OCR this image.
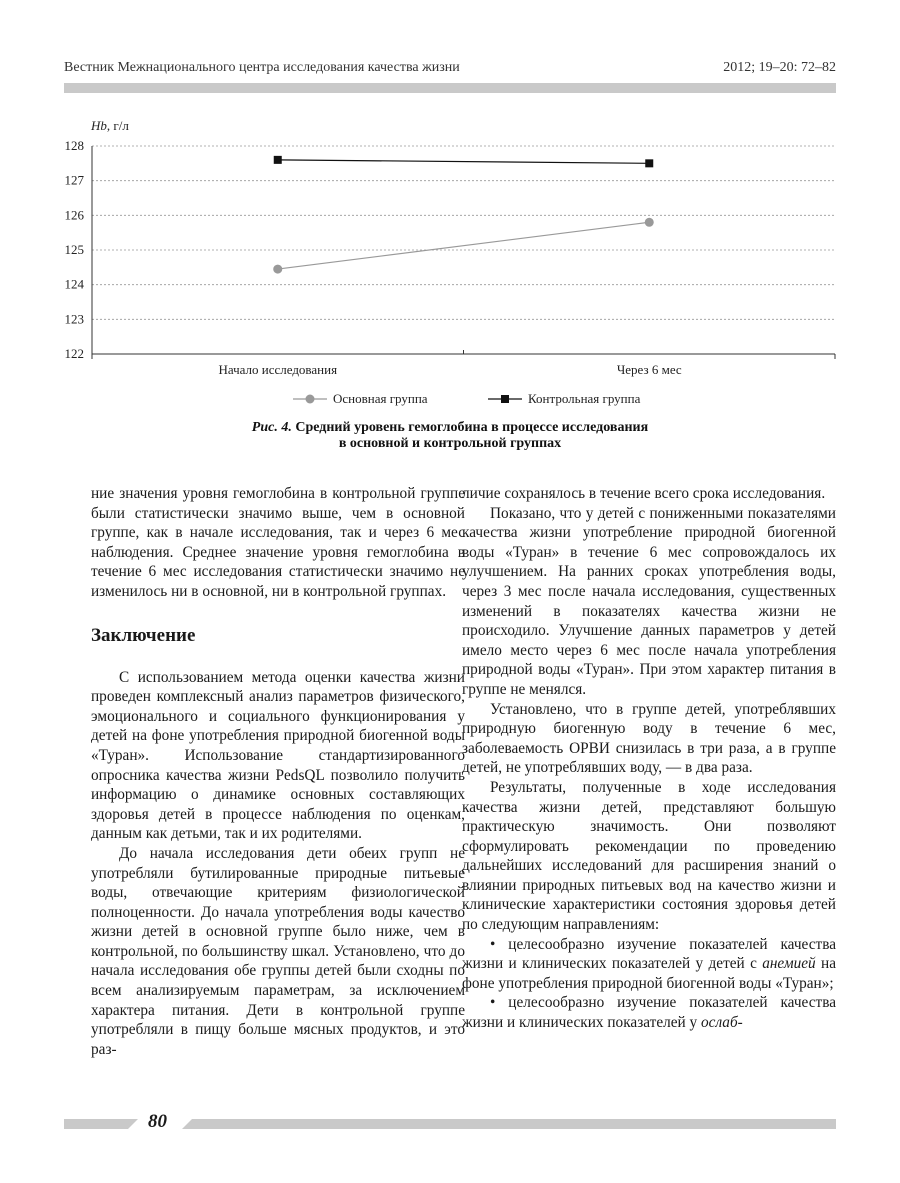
Вестник Межнационального центра исследования качества жизни	2012; 19–20: 72–82
Hb, г/л
122
123
124
125
126
127
128
Начало исследования	Через 6 мес
Основная группа	Контрольная группа
Рис. 4. Средний уровень гемоглобина в процессе исследования
в основной и контрольной группах

ние значения уровня гемоглобина в контрольной группе были статистически значимо выше, чем в основной группе, как в начале исследования, так и через 6 мес наблюдения. Среднее значение уровня гемоглобина в течение 6 мес исследования статистически значимо не изменилось ни в основной, ни в контрольной группах.

Заключение

С использованием метода оценки качества жизни проведен комплексный анализ параметров физического, эмоционального и социального функционирования у детей на фоне употребления природной биогенной воды «Туран». Использование стандартизированного опросника качества жизни PedsQL позволило получить информацию о динамике основных составляющих здоровья детей в процессе наблюдения по оценкам, данным как детьми, так и их родителями.

До начала исследования дети обеих групп не употребляли бутилированные природные питьевые воды, отвечающие критериям физиологической полноценности. До начала употребления воды качество жизни детей в основной группе было ниже, чем в контрольной, по большинству шкал. Установлено, что до начала исследования обе группы детей были сходны по всем анализируемым параметрам, за исключением характера питания. Дети в контрольной группе употребляли в пищу больше мясных продуктов, и это раз-

личие сохранялось в течение всего срока исследования.

Показано, что у детей с пониженными показателями качества жизни употребление природной биогенной воды «Туран» в течение 6 мес сопровождалось их улучшением. На ранних сроках употребления воды, через 3 мес после начала исследования, существенных изменений в показателях качества жизни не происходило. Улучшение данных параметров у детей имело место через 6 мес после начала употребления природной воды «Туран». При этом характер питания в группе не менялся.

Установлено, что в группе детей, употреблявших природную биогенную воду в течение 6 мес, заболеваемость ОРВИ снизилась в три раза, а в группе детей, не употреблявших воду, — в два раза.

Результаты, полученные в ходе исследования качества жизни детей, представляют большую практическую значимость. Они позволяют сформулировать рекомендации по проведению дальнейших исследований для расширения знаний о влиянии природных питьевых вод на качество жизни и клинические характеристики состояния здоровья детей по следующим направлениям:

• целесообразно изучение показателей качества жизни и клинических показателей у детей с анемией на фоне употребления природной биогенной воды «Туран»;

• целесообразно изучение показателей качества жизни и клинических показателей у ослаб-

80
